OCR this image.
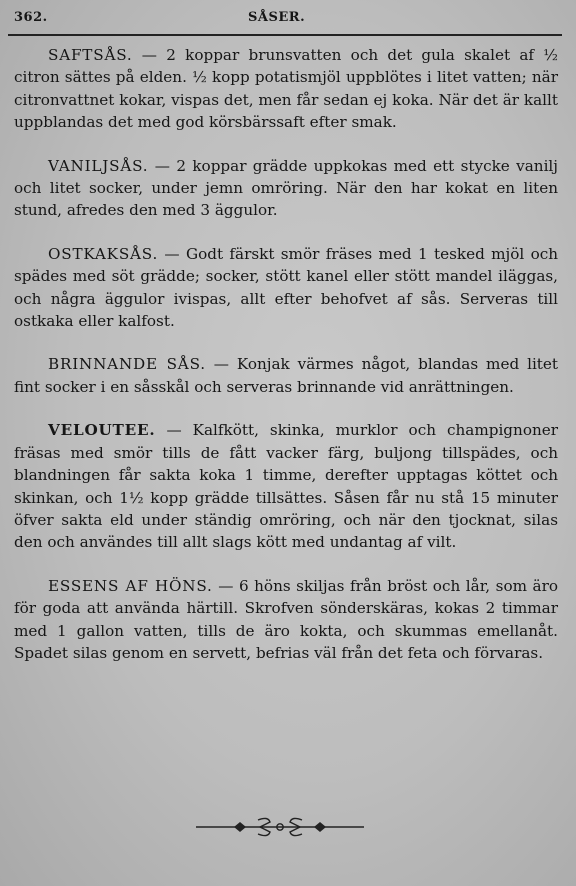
362.	SÅSER.

SAFTSÅS. — 2 koppar brunsvatten och det gula skalet af ½ citron sättes på elden. ½ kopp potatismjöl uppblötes i litet vatten; när citronvattnet kokar, vispas det, men får sedan ej koka. När det är kallt uppblandas det med god körsbärssaft efter smak.

VANILJSÅS. — 2 koppar grädde uppkokas med ett stycke vanilj och litet socker, under jemn omröring. När den har kokat en liten stund, afredes den med 3 äggulor.

OSTKAKSÅS. — Godt färskt smör fräses med 1 tesked mjöl och spädes med söt grädde; socker, stött kanel eller stött mandel iläggas, och några äggulor ivispas, allt efter behofvet af sås. Serveras till ostkaka eller kalfost.

BRINNANDE SÅS. — Konjak värmes något, blandas med litet fint socker i en såsskål och serveras brinnande vid anrättningen.

VELOUTEE. — Kalfkött, skinka, murklor och champignoner fräsas med smör tills de fått vacker färg, buljong tillspädes, och blandningen får sakta koka 1 timme, derefter upptagas köttet och skinkan, och 1½ kopp grädde tillsättes. Såsen får nu stå 15 minuter öfver sakta eld under ständig omröring, och när den tjocknat, silas den och användes till allt slags kött med undantag af vilt.

ESSENS AF HÖNS. — 6 höns skiljas från bröst och lår, som äro för goda att använda härtill. Skrofven sönderskäras, kokas 2 timmar med 1 gallon vatten, tills de äro kokta, och skummas emellanåt. Spadet silas genom en servett, befrias väl från det feta och förvaras.
